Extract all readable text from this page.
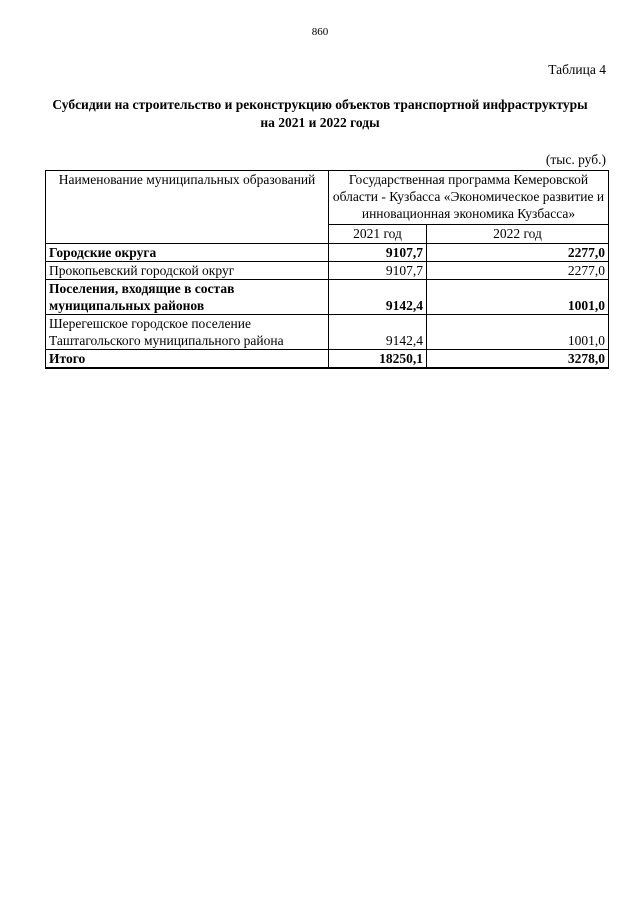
860
Таблица 4
Субсидии на строительство и реконструкцию объектов транспортной инфраструктуры
на 2021 и 2022 годы
(тыс. руб.)
Наименование муниципальных образований	Государственная программа Кемеровской области - Кузбасса «Экономическое развитие и инновационная экономика Кузбасса»	
	2021 год	2022 год
Городские округа	9107,7	2277,0
Прокопьевский городской округ	9107,7	2277,0
Поселения, входящие в состав муниципальных районов	9142,4	1001,0
Шерегешское городское поселение Таштагольского муниципального района	9142,4	1001,0
Итого	18250,1	3278,0
